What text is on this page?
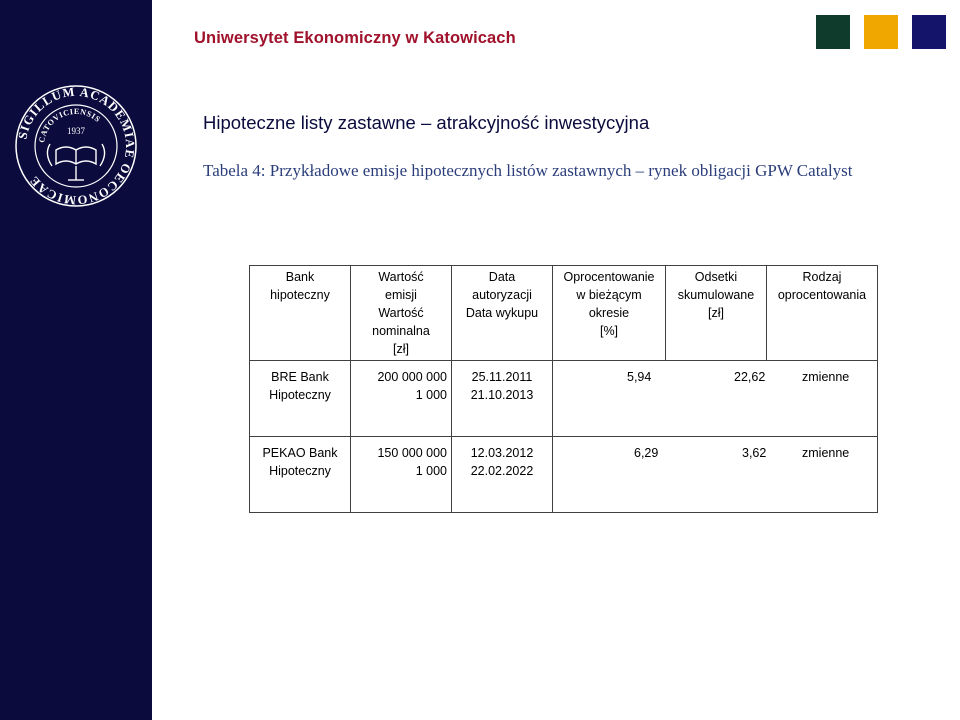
SIGILLUM ACADEMIAE OECONOMICAE
CATOVICIENSIS
1937
Uniwersytet Ekonomiczny w Katowicach
Hipoteczne listy zastawne – atrakcyjność inwestycyjna
Tabela 4: Przykładowe emisje hipotecznych listów zastawnych – rynek obligacji GPW Catalyst
Bank
hipoteczny	Wartość
emisji
Wartość
nominalna
[zł]	Data
autoryzacji
Data wykupu	Oprocentowanie
w bieżącym
okresie
[%]	Odsetki
skumulowane
[zł]	Rodzaj
oprocentowania

BRE Bank
Hipoteczny	200 000 000
1 000	25.11.2011
21.10.2013	5,94 22,62 zmienne		

PEKAO Bank
Hipoteczny	150 000 000
1 000	12.03.2012
22.02.2022	6,29 3,62 zmienne		
